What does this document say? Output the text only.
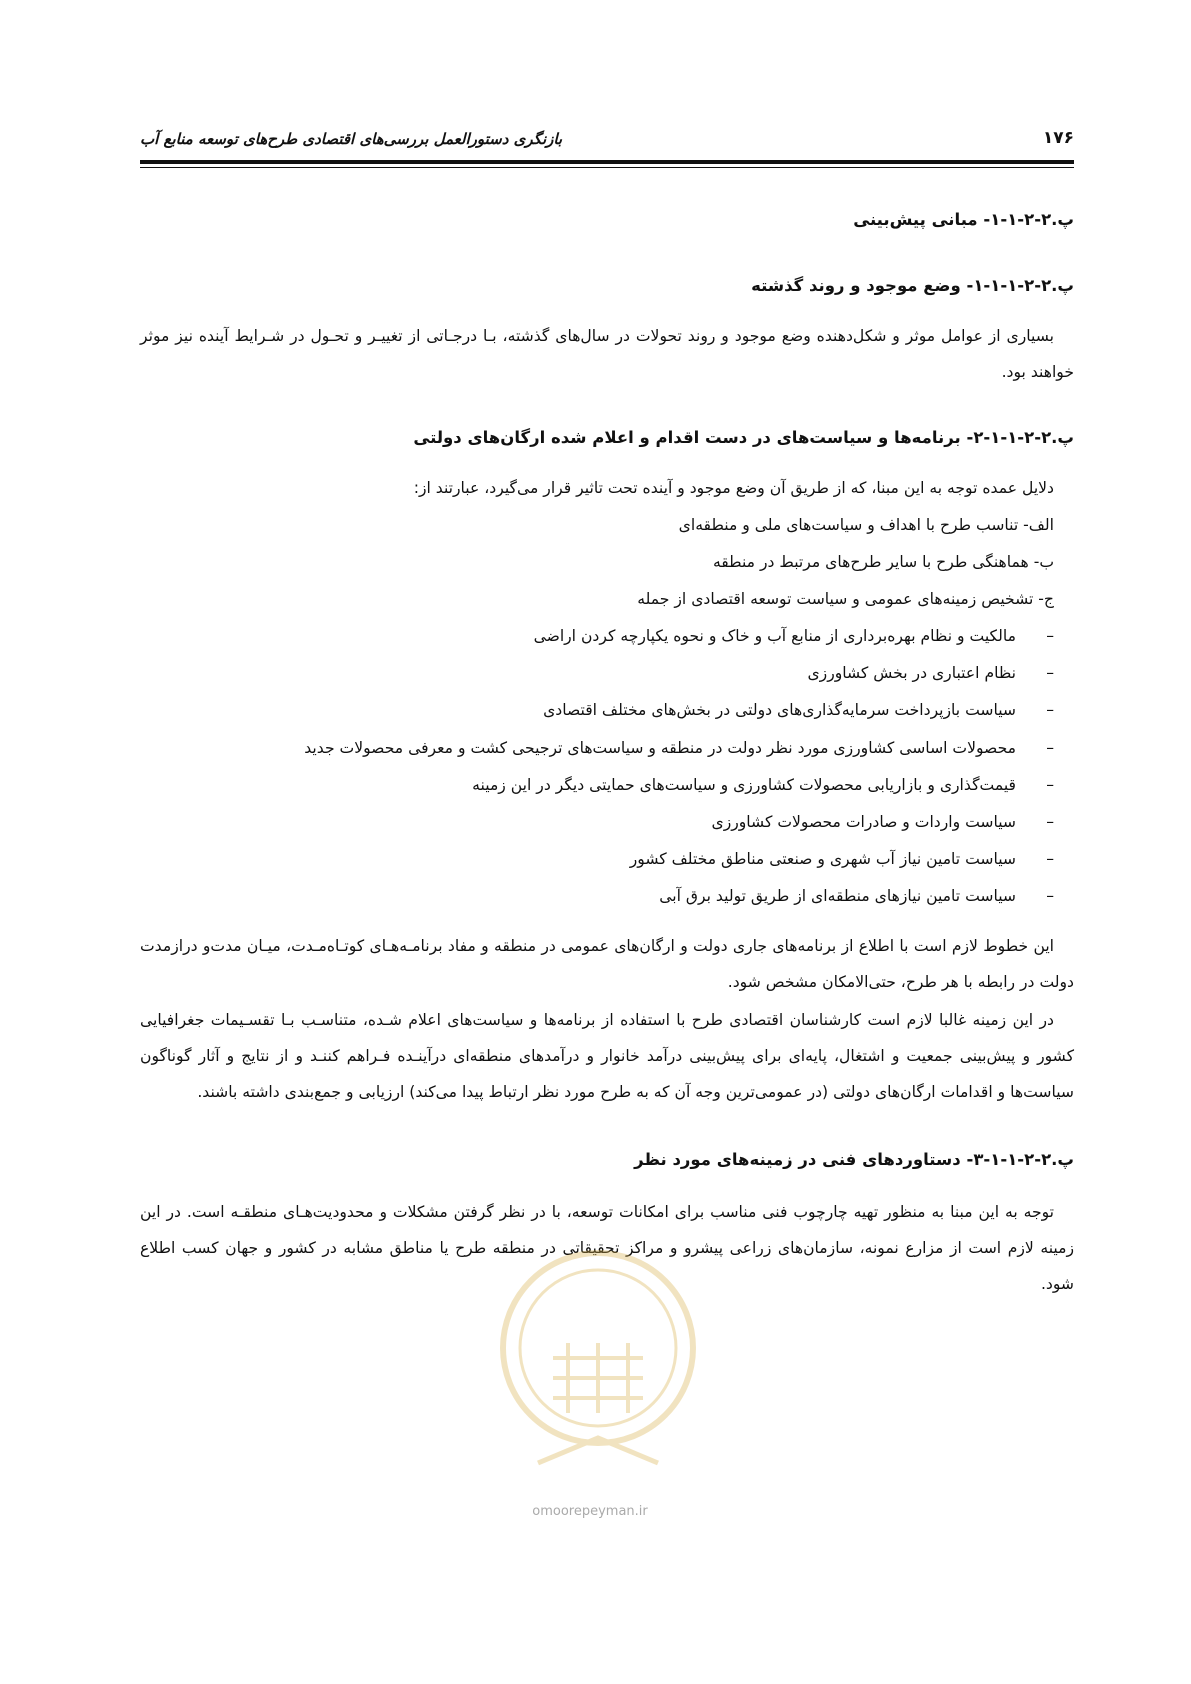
۱۷۶
بازنگری دستورالعمل بررسی‌های اقتصادی طرح‌های توسعه منابع آب
پ.۲-۲-۱-۱- مبانی پیش‌بینی
پ.۲-۲-۱-۱-۱- وضع موجود و روند گذشته

بسیاری از عوامل موثر و شکل‌دهنده وضع موجود و روند تحولات در سال‌های گذشته، بـا درجـاتی از تغییـر و تحـول در شـرایط آینده نیز موثر خواهند بود.

پ.۲-۲-۱-۱-۲- برنامه‌ها و سیاست‌های در دست اقدام و اعلام شده ارگان‌های دولتی
دلایل عمده توجه به این مبنا، که از طریق آن وضع موجود و آینده تحت تاثیر قرار می‌گیرد، عبارتند از:
الف- تناسب طرح با اهداف و سیاست‌های ملی و منطقه‌ای
ب- هماهنگی طرح با سایر طرح‌های مرتبط در منطقه
ج- تشخیص زمینه‌های عمومی و سیاست توسعه اقتصادی از جمله
–مالکیت و نظام بهره‌برداری از منابع آب و خاک و نحوه یکپارچه کردن اراضی
–نظام اعتباری در بخش کشاورزی
–سیاست بازپرداخت سرمایه‌گذاری‌های دولتی در بخش‌های مختلف اقتصادی
–محصولات اساسی کشاورزی مورد نظر دولت در منطقه و سیاست‌های ترجیحی کشت و معرفی محصولات جدید
–قیمت‌گذاری و بازاریابی محصولات کشاورزی و سیاست‌های حمایتی دیگر در این زمینه
–سیاست واردات و صادرات محصولات کشاورزی
–سیاست تامین نیاز آب شهری و صنعتی مناطق مختلف کشور
–سیاست تامین نیازهای منطقه‌ای از طریق تولید برق آبی

این خطوط لازم است با اطلاع از برنامه‌های جاری دولت و ارگان‌های عمومی در منطقه و مفاد برنامـه‌هـای کوتـاه‌مـدت، میـان مدت‌و درازمدت دولت در رابطه با هر طرح، حتی‌الامکان مشخص شود.

در این زمینه غالبا لازم است کارشناسان اقتصادی طرح با استفاده از برنامه‌ها و سیاست‌های اعلام شـده، متناسـب بـا تقسـیمات جغرافیایی کشور و پیش‌بینی جمعیت و اشتغال، پایه‌ای برای پیش‌بینی درآمد خانوار و درآمدهای منطقه‌ای درآینـده فـراهم کننـد و از نتایج و آثار گوناگون سیاست‌ها و اقدامات ارگان‌های دولتی (در عمومی‌ترین وجه آن که به طرح مورد نظر ارتباط پیدا می‌کند) ارزیابی و جمع‌بندی داشته باشند.

پ.۲-۲-۱-۱-۳- دستاوردهای فنی در زمینه‌های مورد نظر

توجه به این مبنا به منظور تهیه چارچوب فنی مناسب برای امکانات توسعه، با در نظر گرفتن مشکلات و محدودیت‌هـای منطقـه است. در این زمینه لازم است از مزارع نمونه، سازمان‌های زراعی پیشرو و مراکز تحقیقاتی در منطقه طرح یا مناطق مشابه در کشور و جهان کسب اطلاع شود.

omoorepeyman.ir
